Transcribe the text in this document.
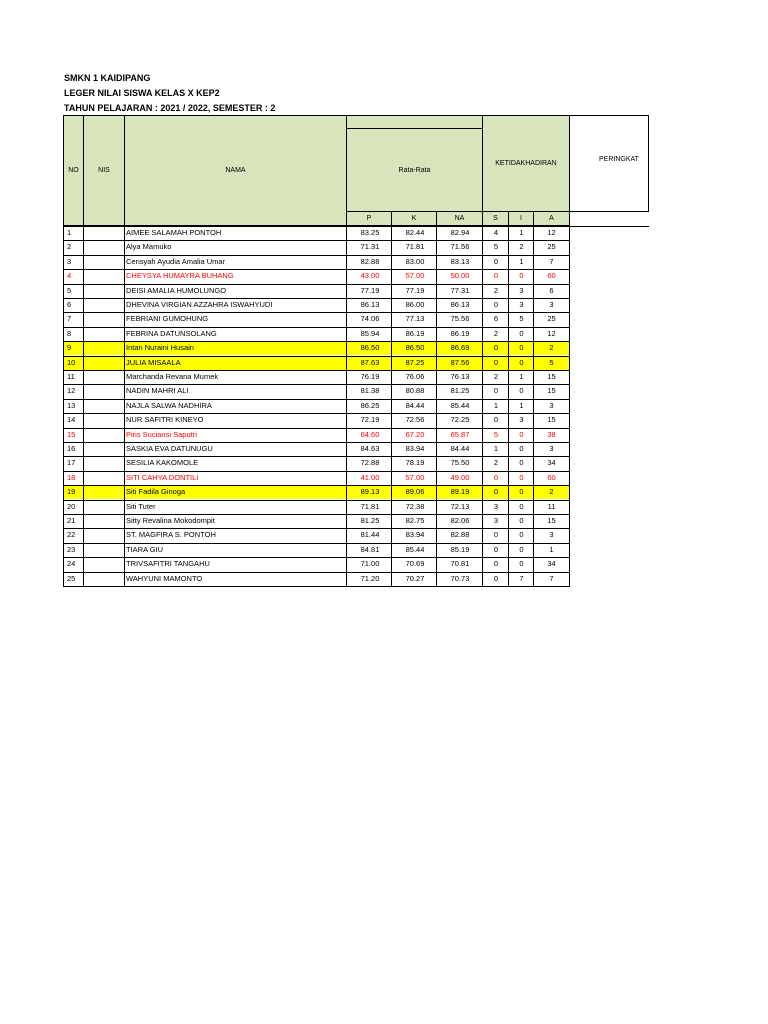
SMKN 1 KAIDIPANG
LEGER NILAI SISWA KELAS X KEP2
TAHUN PELAJARAN : 2021 / 2022, SEMESTER : 2
NO	NIS	NAMA	Rata-Rata
P	K	NA
KETIDAKHADIRAN
S	I	A
1	AIMEE SALAMAH PONTOH	83.25	82.44	82.94	4	1	12
2	Alya Mamuko	71.31	71.81	71.56	5	2	25
3	Censyah Ayudia Amalia Umar	82.88	83.00	83.13	0	1	7
4	CHEYSYA HUMAYRA BUHANG	43.00	57.00	50.00	0	0	60
5	DEISI AMALIA HUMOLUNGO	77.19	77.19	77.31	2	3	6
6	DHEVINA VIRGIAN AZZAHRA ISWAHYUDI	86.13	86.00	86.13	0	3	3
7	FEBRIANI GUMOHUNG	74.06	77.13	75.56	6	5	25
8	FEBRINA DATUNSOLANG	85.94	86.19	86.19	2	0	12
9	Intan Nuraini Husain	86.50	86.50	86.69	0	0	2
10	JULIA MISAALA	87.63	87.25	87.56	0	0	5
11	Marchanda Revana Mumek	76.19	76.06	76.13	2	1	15
12	NADIN MAHRI ALI	81.38	80.88	81.25	0	0	15
13	NAJLA SALWA NADHIRA	86.25	84.44	85.44	1	1	3
14	NUR SAFITRI KINEYO	72.19	72.56	72.25	0	3	15
15	Piris Suciansi Saputri	64.60	67.20	65.87	5	0	38
16	SASKIA EVA DATUNUGU	84.63	83.94	84.44	1	0	3
17	SESILIA KAKOMOLE	72.88	78.19	75.50	2	0	34
18	SITI CAHYA DONTILI	41.00	57.00	49.00	0	0	60
19	Siti Fadila Ginoga	89.13	89.06	89.19	0	0	2
20	Siti Tuter	71.81	72.38	72.13	3	0	11
21	Sitty Revalina Mokodompit	81.25	82.75	82.06	3	0	15
22	ST. MAGFIRA S. PONTOH	81.44	83.94	82.88	0	0	3
23	TIARA GIU	84.81	85.44	85.19	0	0	1
24	TRIVSAFITRI TANGAHU	71.00	70.69	70.81	0	0	34
25	WAHYUNI MAMONTO	71.20	70.27	70.73	0	7	7
PERINGKAT
